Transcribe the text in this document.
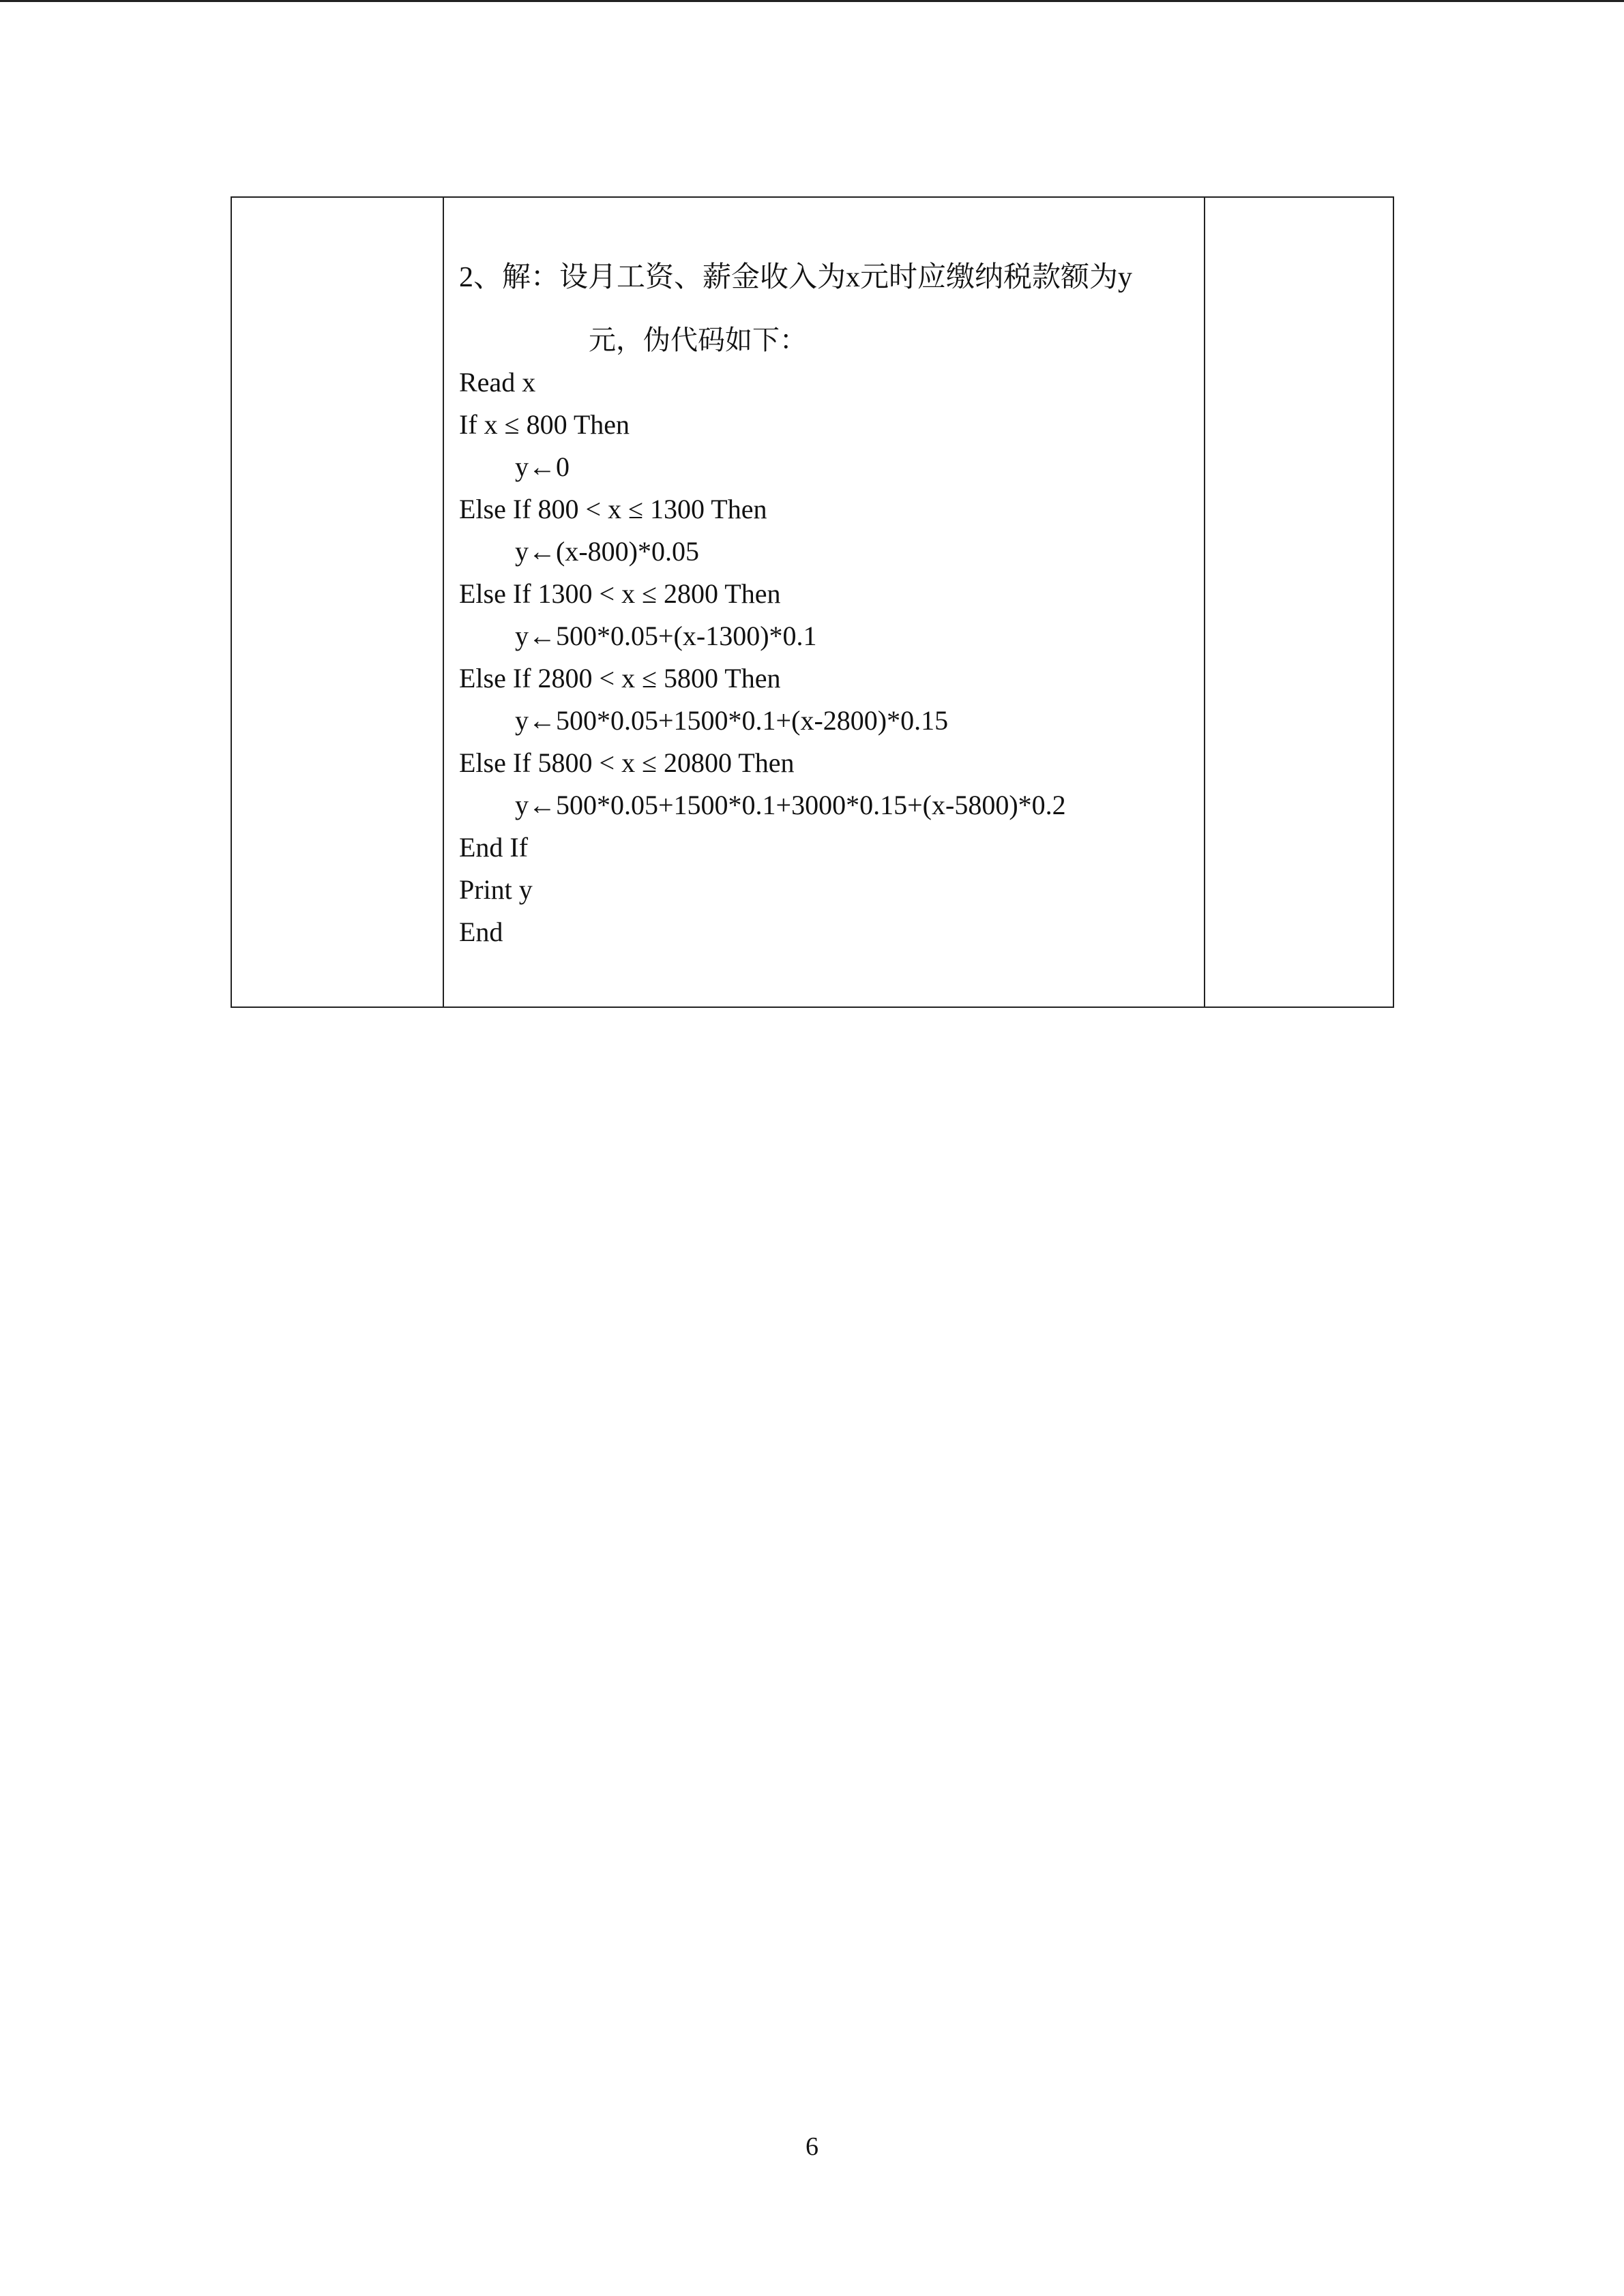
2、解：设月工资、薪金收入为x元时应缴纳税款额为y
元，伪代码如下：
Read x
If x ≤ 800 Then
y←0
Else If 800 < x ≤ 1300 Then
y←(x-800)*0.05
Else If 1300 < x ≤ 2800 Then
y←500*0.05+(x-1300)*0.1
Else If 2800 < x ≤ 5800 Then
y←500*0.05+1500*0.1+(x-2800)*0.15
Else If 5800 < x ≤ 20800 Then
y←500*0.05+1500*0.1+3000*0.15+(x-5800)*0.2
End If
Print y
End
6
